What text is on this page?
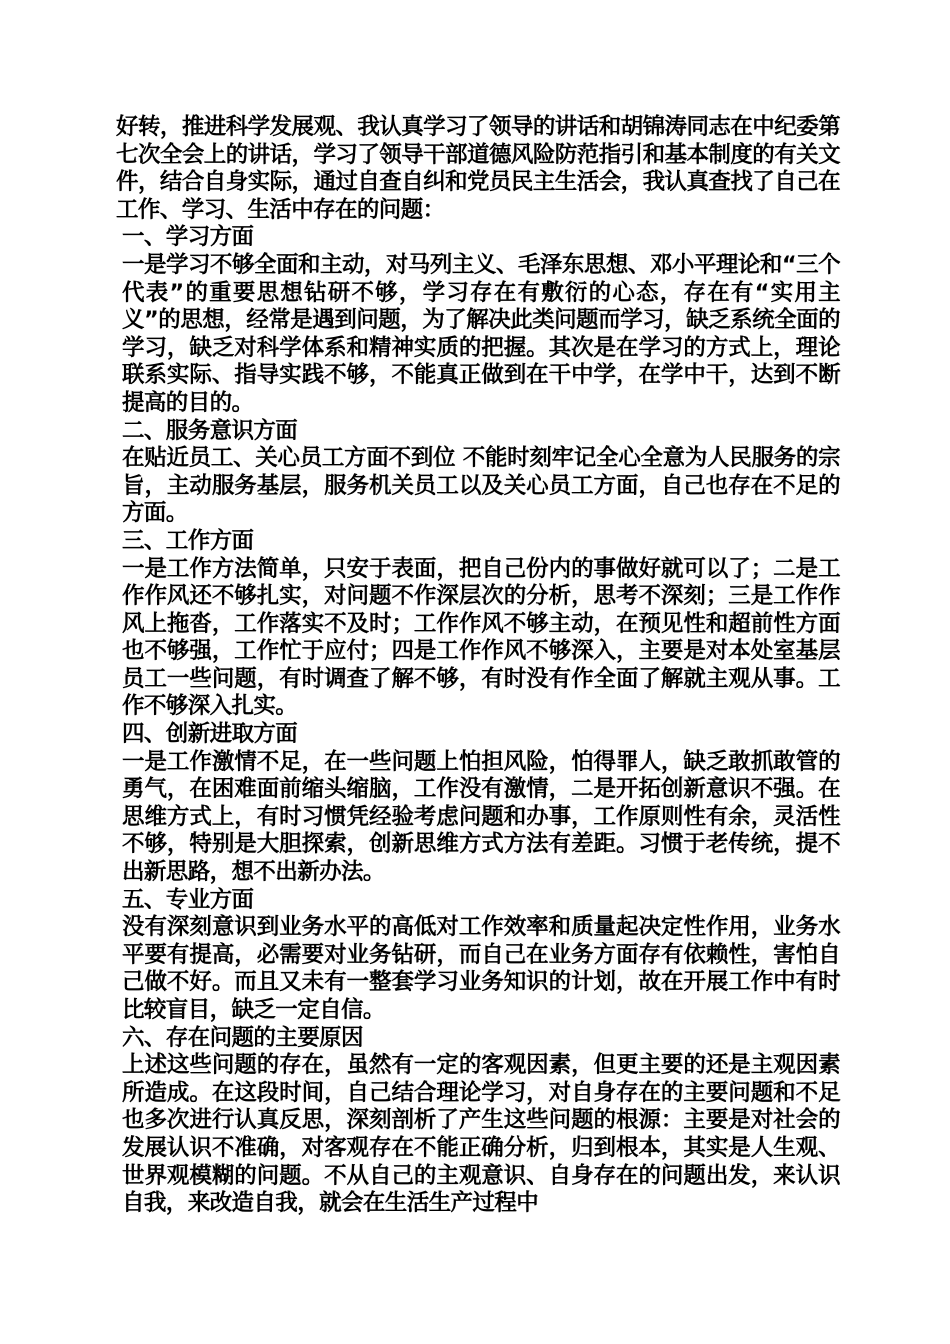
好转，推进科学发展观、我认真学习了领导的讲话和胡锦涛同志在中纪委第七次全会上的讲话，学习了领导干部道德风险防范指引和基本制度的有关文件，结合自身实际，通过自查自纠和党员民主生活会，我认真查找了自己在工作、学习、生活中存在的问题：

一、学习方面

一是学习不够全面和主动，对马列主义、毛泽东思想、邓小平理论和“三个代表”的重要思想钻研不够，学习存在有敷衍的心态，存在有“实用主义”的思想，经常是遇到问题，为了解决此类问题而学习，缺乏系统全面的学习，缺乏对科学体系和精神实质的把握。其次是在学习的方式上，理论联系实际、指导实践不够，不能真正做到在干中学，在学中干，达到不断提高的目的。

二、服务意识方面

在贴近员工、关心员工方面不到位 不能时刻牢记全心全意为人民服务的宗旨，主动服务基层，服务机关员工以及关心员工方面，自己也存在不足的方面。

三、工作方面

一是工作方法简单，只安于表面，把自己份内的事做好就可以了；二是工作作风还不够扎实，对问题不作深层次的分析，思考不深刻；三是工作作风上拖沓，工作落实不及时；工作作风不够主动，在预见性和超前性方面也不够强，工作忙于应付；四是工作作风不够深入，主要是对本处室基层员工一些问题，有时调查了解不够，有时没有作全面了解就主观从事。工作不够深入扎实。

四、创新进取方面

一是工作激情不足，在一些问题上怕担风险，怕得罪人，缺乏敢抓敢管的勇气，在困难面前缩头缩脑，工作没有激情，二是开拓创新意识不强。在思维方式上，有时习惯凭经验考虑问题和办事，工作原则性有余，灵活性不够，特别是大胆探索，创新思维方式方法有差距。习惯于老传统，提不出新思路，想不出新办法。

五、专业方面

没有深刻意识到业务水平的高低对工作效率和质量起决定性作用，业务水平要有提高，必需要对业务钻研，而自己在业务方面存有依赖性，害怕自己做不好。而且又未有一整套学习业务知识的计划，故在开展工作中有时比较盲目，缺乏一定自信。

六、存在问题的主要原因

上述这些问题的存在，虽然有一定的客观因素，但更主要的还是主观因素所造成。在这段时间，自己结合理论学习，对自身存在的主要问题和不足也多次进行认真反思，深刻剖析了产生这些问题的根源：主要是对社会的发展认识不准确，对客观存在不能正确分析，归到根本，其实是人生观、世界观模糊的问题。不从自己的主观意识、自身存在的问题出发，来认识自我，来改造自我，就会在生活生产过程中
